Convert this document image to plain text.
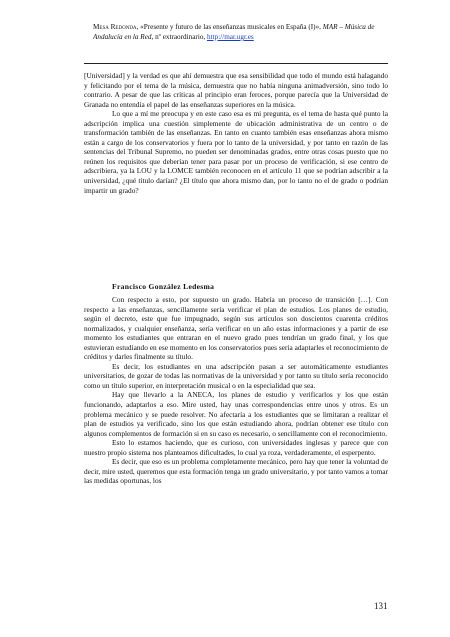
Mesa Redonda, «Presente y futuro de las enseñanzas musicales en España (I)», MAR – Música de Andalucía en la Red, nº extraordinario, http://mar.ugr.es

[Universidad] y la verdad es que ahí demuestra que esa sensibilidad que todo el mundo está halagando y felicitando por el tema de la música, demuestra que no había ninguna animadversión, sino todo lo contrario. A pesar de que las críticas al principio eran feroces, porque parecía que la Universidad de Granada no entendía el papel de las enseñanzas superiores en la música.

Lo que a mí me preocupa y en este caso esa es mi pregunta, es el tema de hasta qué punto la adscripción implica una cuestión simplemente de ubicación administrativa de un centro o de transformación también de las enseñanzas. En tanto en cuanto también esas enseñanzas ahora mismo están a cargo de los conservatorios y fuera por lo tanto de la universidad, y por tanto en razón de las sentencias del Tribunal Supremo, no pueden ser denominadas grados, entre otras cosas puesto que no reúnen los requisitos que deberían tener para pasar por un proceso de verificación, si ese centro de adscribiera, ya la LOU y la LOMCE también reconocen en el artículo 11 que se podrían adscribir a la universidad, ¿qué título darían? ¿El título que ahora mismo dan, por lo tanto no el de grado o podrían impartir un grado?

Francisco González Ledesma

Con respecto a esto, por supuesto un grado. Habría un proceso de transición […]. Con respecto a las enseñanzas, sencillamente sería verificar el plan de estudios. Los planes de estudio, según el decreto, este que fue impugnado, según sus artículos son doscientos cuarenta créditos normalizados, y cualquier enseñanza, sería verificar en un año estas informaciones y a partir de ese momento los estudiantes que entraran en el nuevo grado pues tendrían un grado final, y los que estuvieran estudiando en ese momento en los conservatorios pues sería adaptarles el reconocimiento de créditos y darles finalmente su título.

Es decir, los estudiantes en una adscripción pasan a ser automáticamente estudiantes universitarios, de gozar de todas las normativas de la universidad y por tanto su título sería reconocido como un título superior, en interpretación musical o en la especialidad que sea.

Hay que llevarlo a la ANECA, los planes de estudio y verificarlos y los que están funcionando, adaptarlos a eso. Mire usted, hay unas correspondencias entre unos y otros. Es un problema mecánico y se puede resolver. No afectaría a los estudiantes que se limitaran a realizar el plan de estudios ya verificado, sino los que están estudiando ahora, podrían obtener ese título con algunos complementos de formación si en su caso es necesario, o sencillamente con el reconocimiento.

Esto lo estamos haciendo, que es curioso, con universidades inglesas y parece que con nuestro propio sistema nos planteamos dificultades, lo cual ya roza, verdaderamente, el esperpento.

Es decir, que eso es un problema completamente mecánico, pero hay que tener la voluntad de decir, mire usted, queremos que esta formación tenga un grado universitario, y por tanto vamos a tomar las medidas oportunas, los

131
